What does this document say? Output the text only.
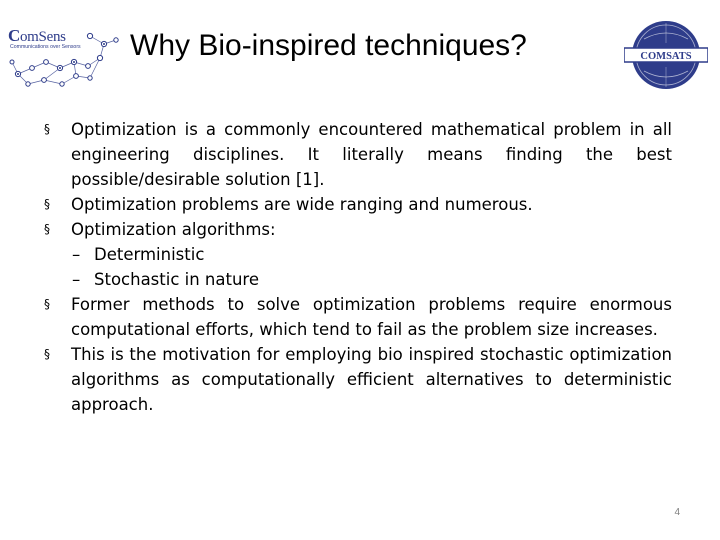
ComSens
Communications over Sensors Why Bio-inspired techniques?	COMSATS
§ Optimization is a commonly encountered mathematical problem in all engineering disciplines. It literally means finding the best possible/desirable solution [1].
§ Optimization problems are wide ranging and numerous.
§ Optimization algorithms:
– Deterministic
– Stochastic in nature
§ Former methods to solve optimization problems require enormous computational efforts, which tend to fail as the problem size increases.
§ This is the motivation for employing bio inspired stochastic optimization algorithms as computationally efficient alternatives to deterministic approach.
4
